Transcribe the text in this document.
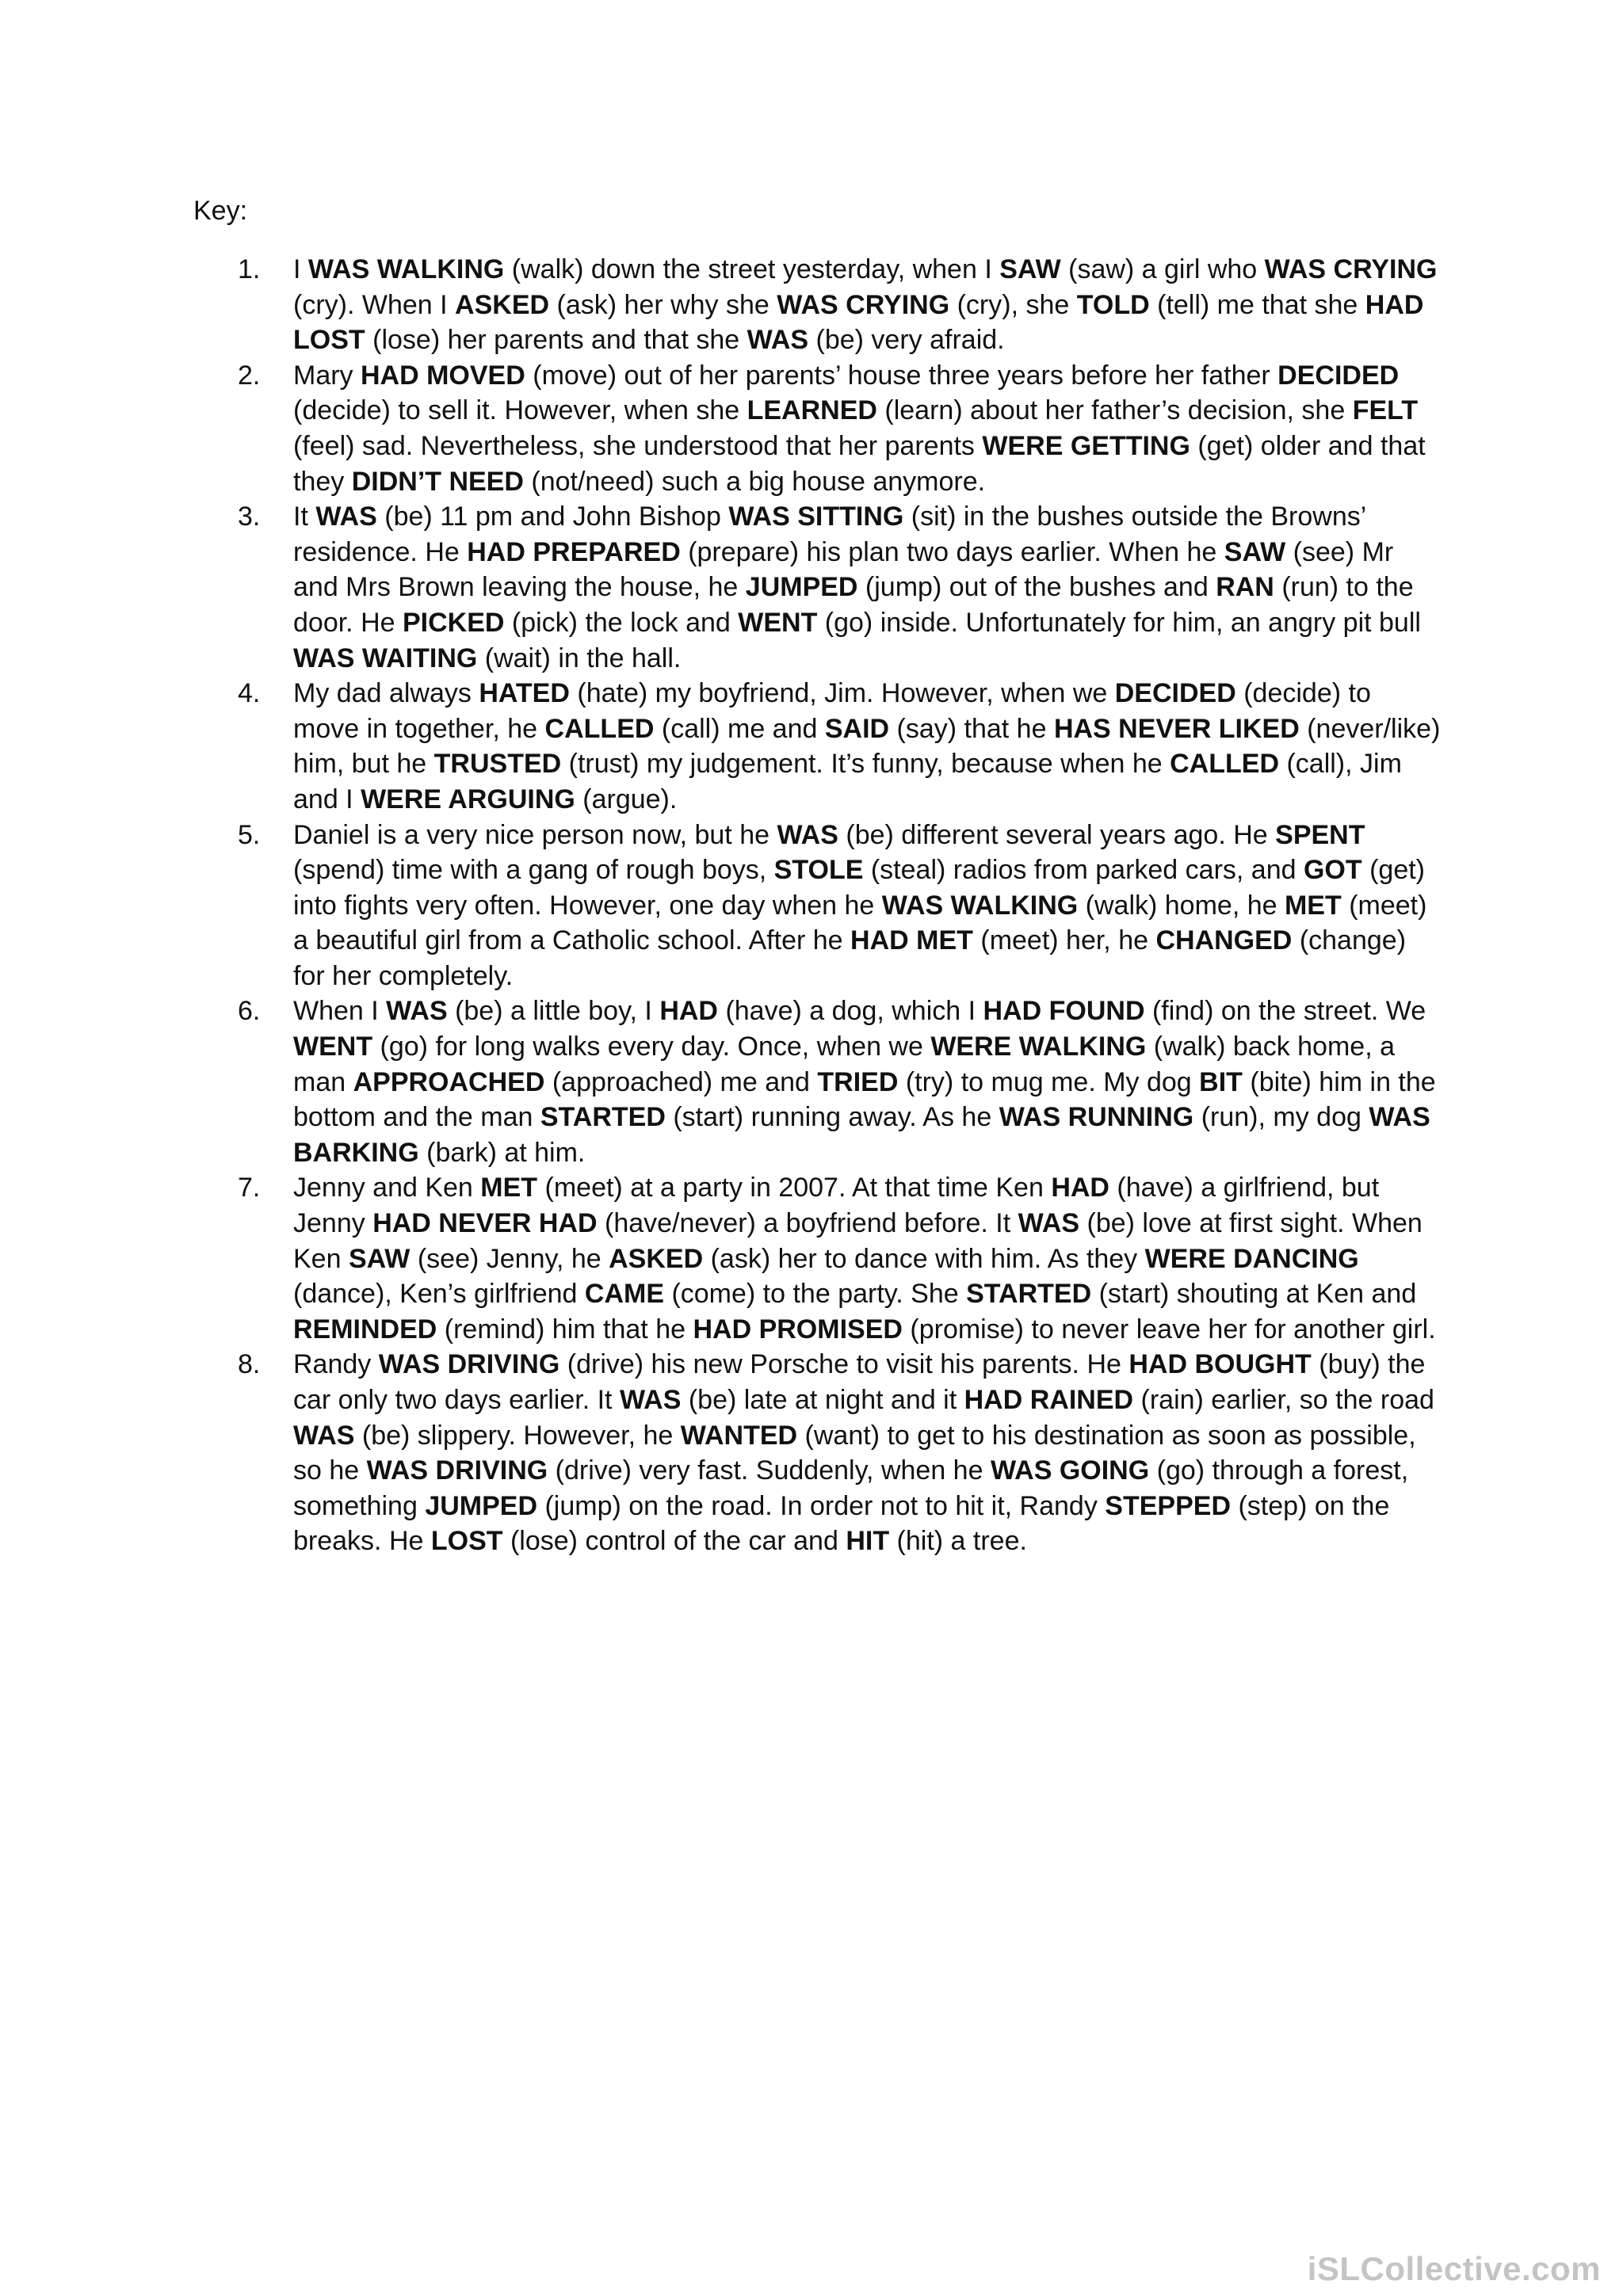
Key:
1. I WAS WALKING (walk) down the street yesterday, when I SAW (saw) a girl who WAS CRYING (cry). When I ASKED (ask) her why she WAS CRYING (cry), she TOLD (tell) me that she HAD LOST (lose) her parents and that she WAS (be) very afraid.
2. Mary HAD MOVED (move) out of her parents’ house three years before her father DECIDED (decide) to sell it. However, when she LEARNED (learn) about her father’s decision, she FELT (feel) sad. Nevertheless, she understood that her parents WERE GETTING (get) older and that they DIDN’T NEED (not/need) such a big house anymore.
3. It WAS (be) 11 pm and John Bishop WAS SITTING (sit) in the bushes outside the Browns’ residence. He HAD PREPARED (prepare) his plan two days earlier. When he SAW (see) Mr and Mrs Brown leaving the house, he JUMPED (jump) out of the bushes and RAN (run) to the door. He PICKED (pick) the lock and WENT (go) inside. Unfortunately for him, an angry pit bull WAS WAITING (wait) in the hall.
4. My dad always HATED (hate) my boyfriend, Jim. However, when we DECIDED (decide) to move in together, he CALLED (call) me and SAID (say) that he HAS NEVER LIKED (never/like) him, but he TRUSTED (trust) my judgement. It’s funny, because when he CALLED (call), Jim and I WERE ARGUING (argue).
5. Daniel is a very nice person now, but he WAS (be) different several years ago. He SPENT (spend) time with a gang of rough boys, STOLE (steal) radios from parked cars, and GOT (get) into fights very often. However, one day when he WAS WALKING (walk) home, he MET (meet) a beautiful girl from a Catholic school. After he HAD MET (meet) her, he CHANGED (change) for her completely.
6. When I WAS (be) a little boy, I HAD (have) a dog, which I HAD FOUND (find) on the street. We WENT (go) for long walks every day. Once, when we WERE WALKING (walk) back home, a man APPROACHED (approached) me and TRIED (try) to mug me. My dog BIT (bite) him in the bottom and the man STARTED (start) running away. As he WAS RUNNING (run), my dog WAS BARKING (bark) at him.
7. Jenny and Ken MET (meet) at a party in 2007. At that time Ken HAD (have) a girlfriend, but Jenny HAD NEVER HAD (have/never) a boyfriend before. It WAS (be) love at first sight. When Ken SAW (see) Jenny, he ASKED (ask) her to dance with him. As they WERE DANCING (dance), Ken’s girlfriend CAME (come) to the party. She STARTED (start) shouting at Ken and REMINDED (remind) him that he HAD PROMISED (promise) to never leave her for another girl.
8. Randy WAS DRIVING (drive) his new Porsche to visit his parents. He HAD BOUGHT (buy) the car only two days earlier. It WAS (be) late at night and it HAD RAINED (rain) earlier, so the road WAS (be) slippery. However, he WANTED (want) to get to his destination as soon as possible, so he WAS DRIVING (drive) very fast. Suddenly, when he WAS GOING (go) through a forest, something JUMPED (jump) on the road. In order not to hit it, Randy STEPPED (step) on the breaks. He LOST (lose) control of the car and HIT (hit) a tree.
iSLCollective.com
